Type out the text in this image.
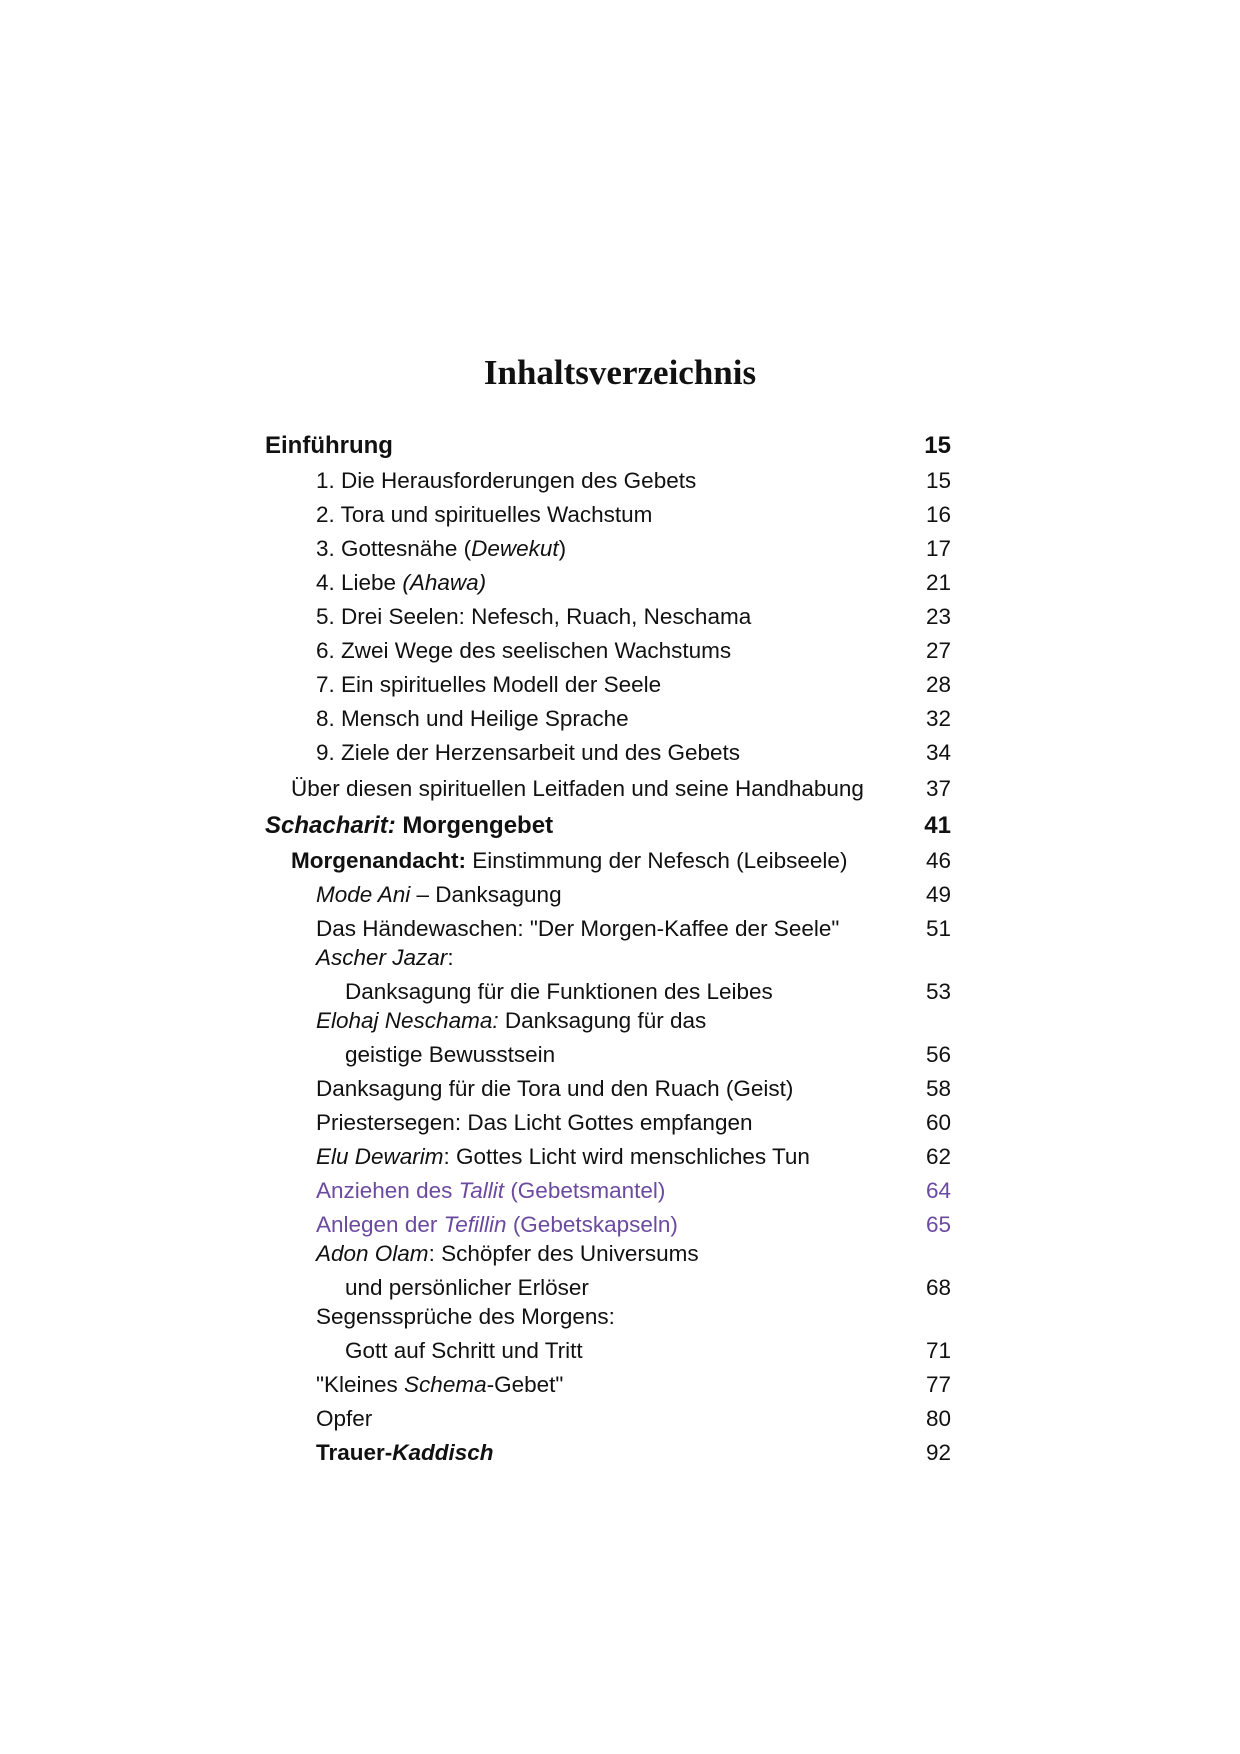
Inhaltsverzeichnis
Einführung	15
1. Die Herausforderungen des Gebets	15
2. Tora und spirituelles Wachstum	16
3. Gottesnähe (Dewekut)	17
4. Liebe (Ahawa)	21
5. Drei Seelen: Nefesch, Ruach, Neschama	23
6. Zwei Wege des seelischen Wachstums	27
7. Ein spirituelles Modell der Seele	28
8. Mensch und Heilige Sprache	32
9. Ziele der Herzensarbeit und des Gebets	34
Über diesen spirituellen Leitfaden und seine Handhabung	37
Schacharit: Morgengebet	41
Morgenandacht: Einstimmung der Nefesch (Leibseele)	46
Mode Ani – Danksagung	49
Das Händewaschen: "Der Morgen-Kaffee der Seele"	51
Ascher Jazar:
Danksagung für die Funktionen des Leibes	53
Elohaj Neschama: Danksagung für das
geistige Bewusstsein	56
Danksagung für die Tora und den Ruach (Geist)	58
Priestersegen: Das Licht Gottes empfangen	60
Elu Dewarim: Gottes Licht wird menschliches Tun	62
Anziehen des Tallit (Gebetsmantel)	64
Anlegen der Tefillin (Gebetskapseln)	65
Adon Olam: Schöpfer des Universums
und persönlicher Erlöser	68
Segenssprüche des Morgens:
Gott auf Schritt und Tritt	71
"Kleines Schema-Gebet"	77
Opfer	80
Trauer-Kaddisch	92
